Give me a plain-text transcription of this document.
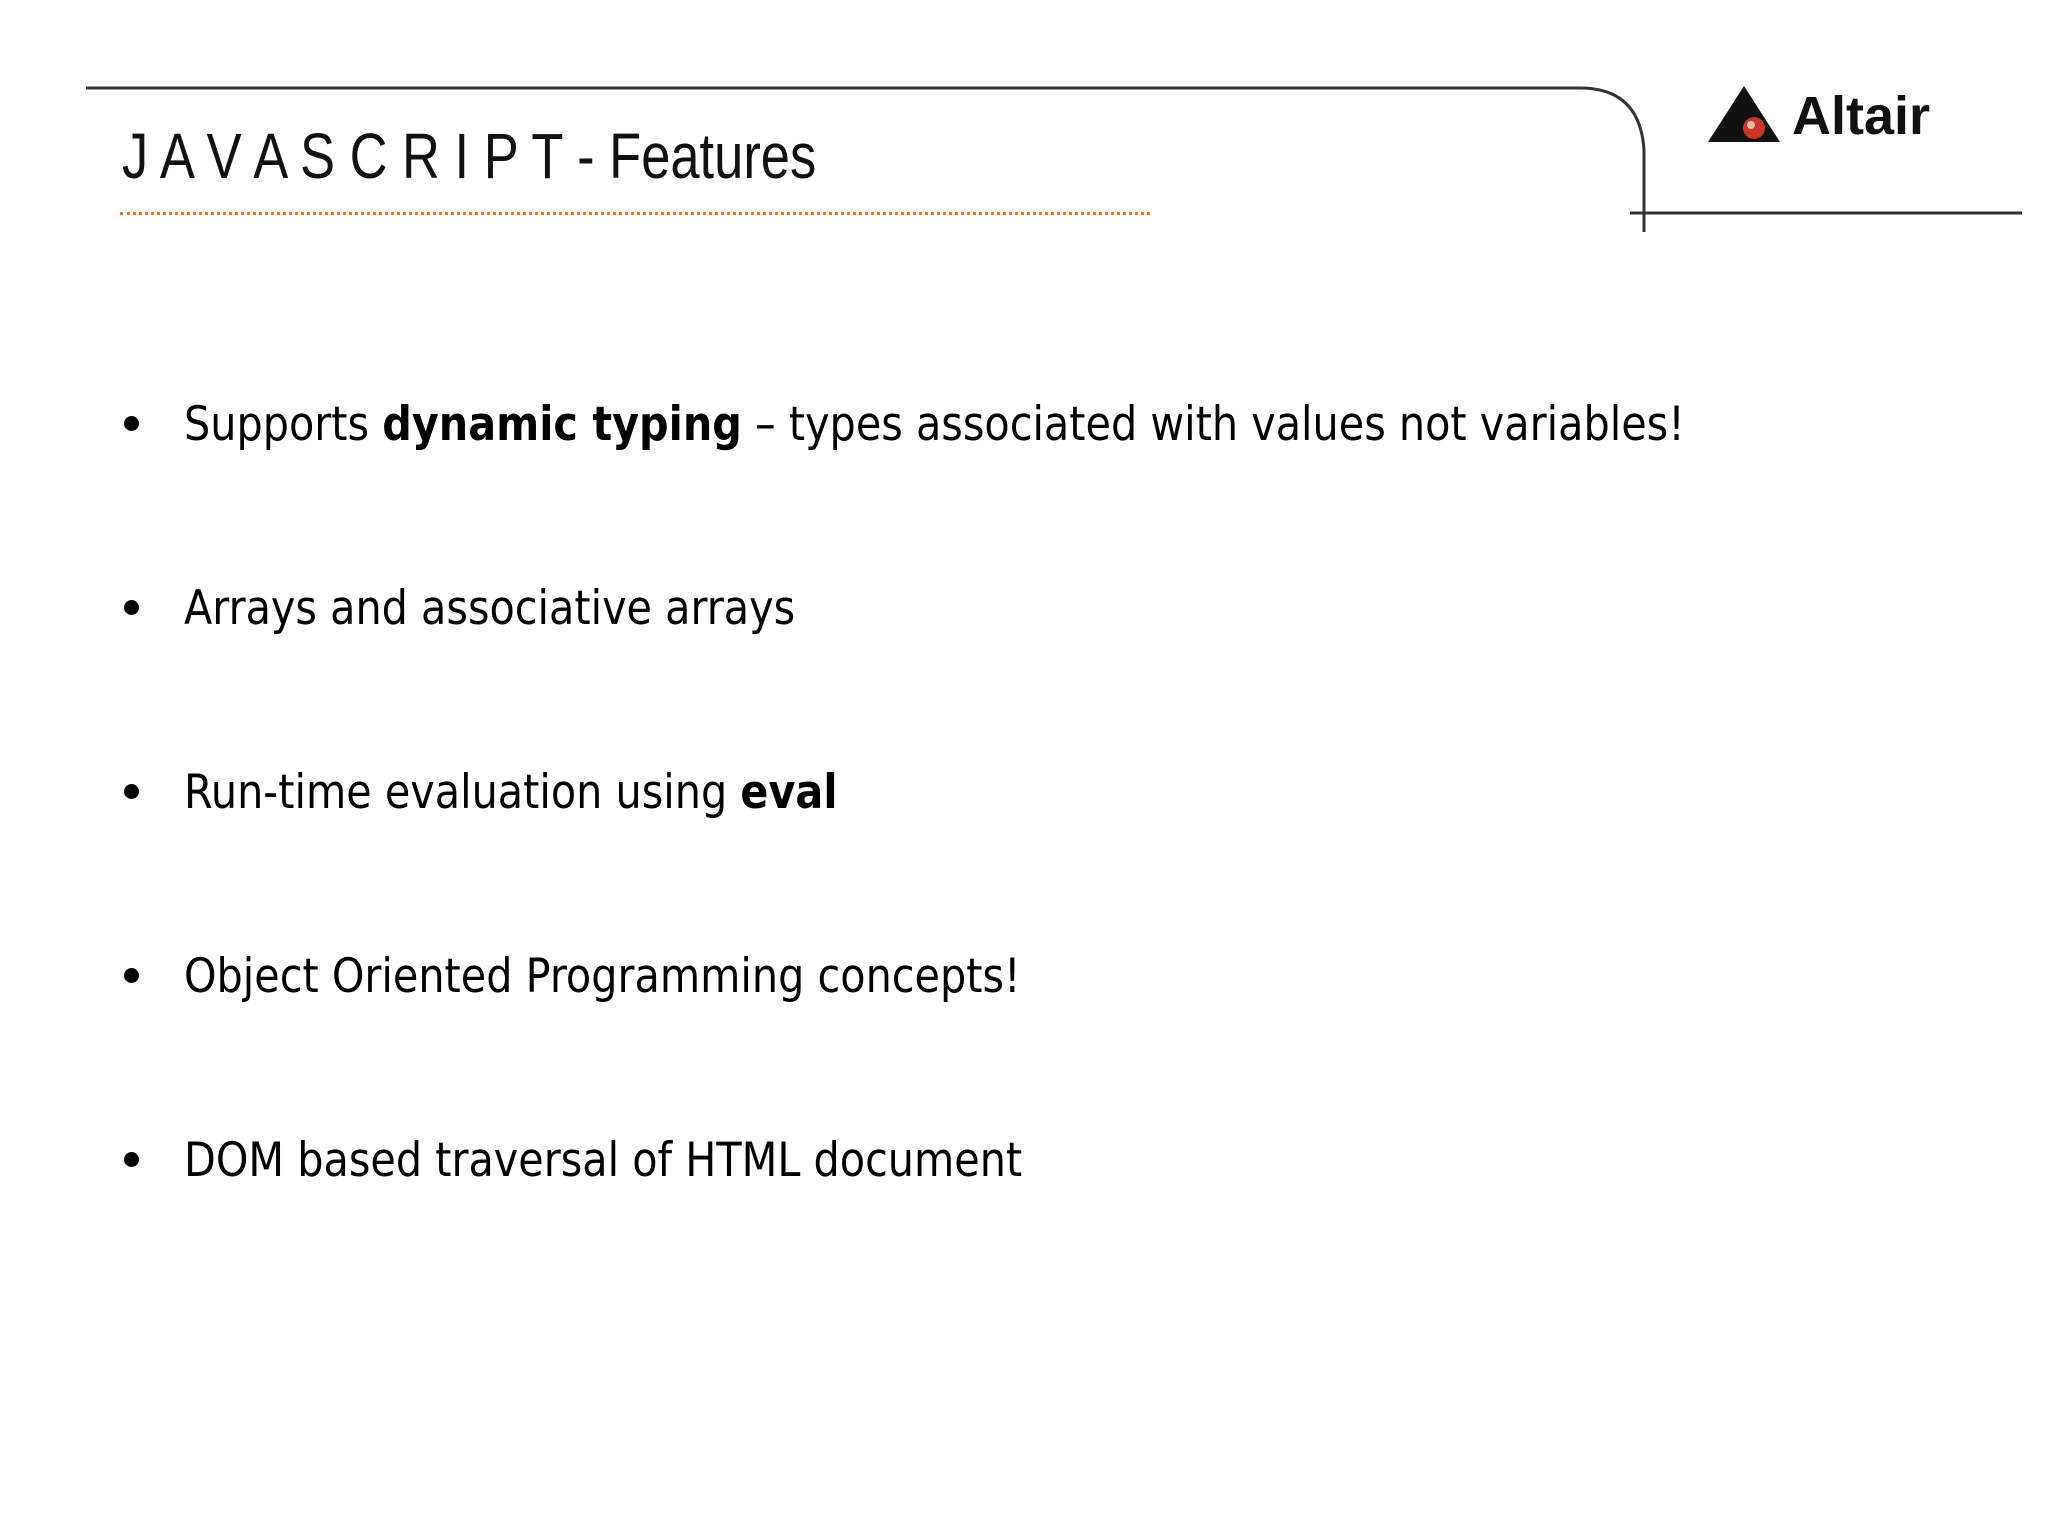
J A V A S C R I P T - Features
Altair
Supports dynamic typing – types associated with values not variables!
Arrays and associative arrays
Run-time evaluation using eval
Object Oriented Programming concepts!
DOM based traversal of HTML document
